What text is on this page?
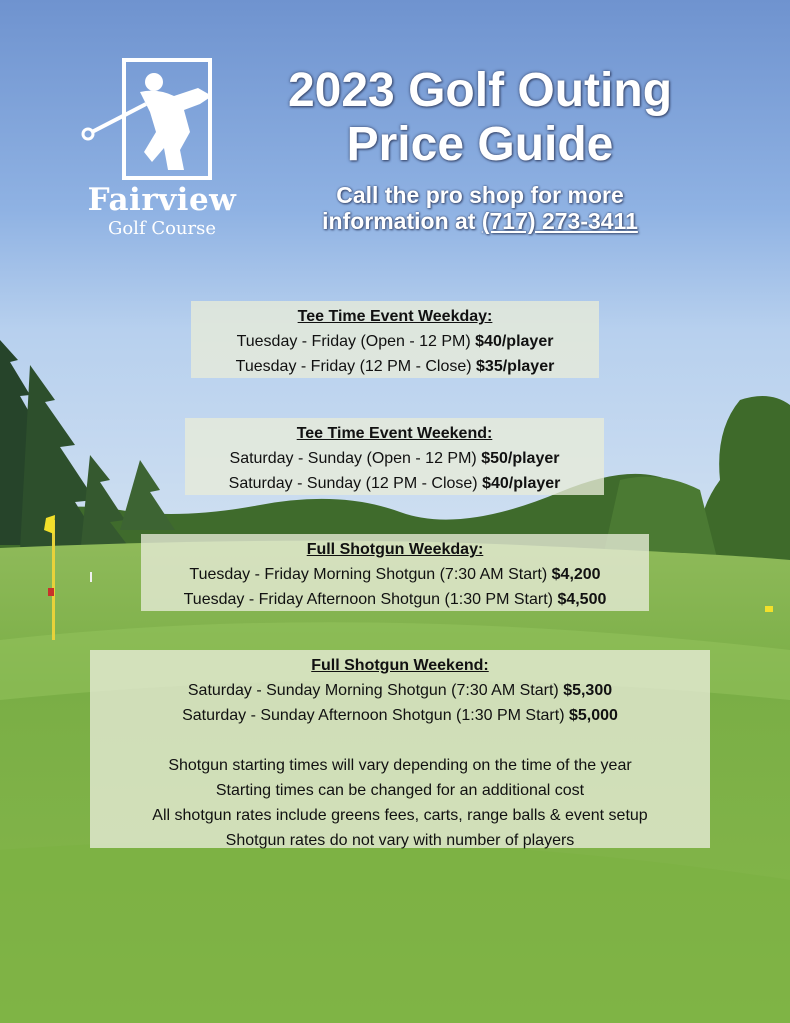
Fairview
Golf Course
2023 Golf Outing
Price Guide
Call the pro shop for more
information at (717) 273-3411
Tee Time Event Weekday:
Tuesday - Friday (Open - 12 PM) $40/player
Tuesday - Friday (12 PM - Close) $35/player
Tee Time Event Weekend:
Saturday - Sunday (Open - 12 PM) $50/player
Saturday - Sunday (12 PM - Close) $40/player
Full Shotgun Weekday:
Tuesday - Friday Morning Shotgun (7:30 AM Start) $4,200
Tuesday - Friday Afternoon Shotgun (1:30 PM Start) $4,500
Full Shotgun Weekend:
Saturday - Sunday Morning Shotgun (7:30 AM Start) $5,300
Saturday - Sunday Afternoon Shotgun (1:30 PM Start) $5,000
Shotgun starting times will vary depending on the time of the year
Starting times can be changed for an additional cost
All shotgun rates include greens fees, carts, range balls & event setup
Shotgun rates do not vary with number of players
